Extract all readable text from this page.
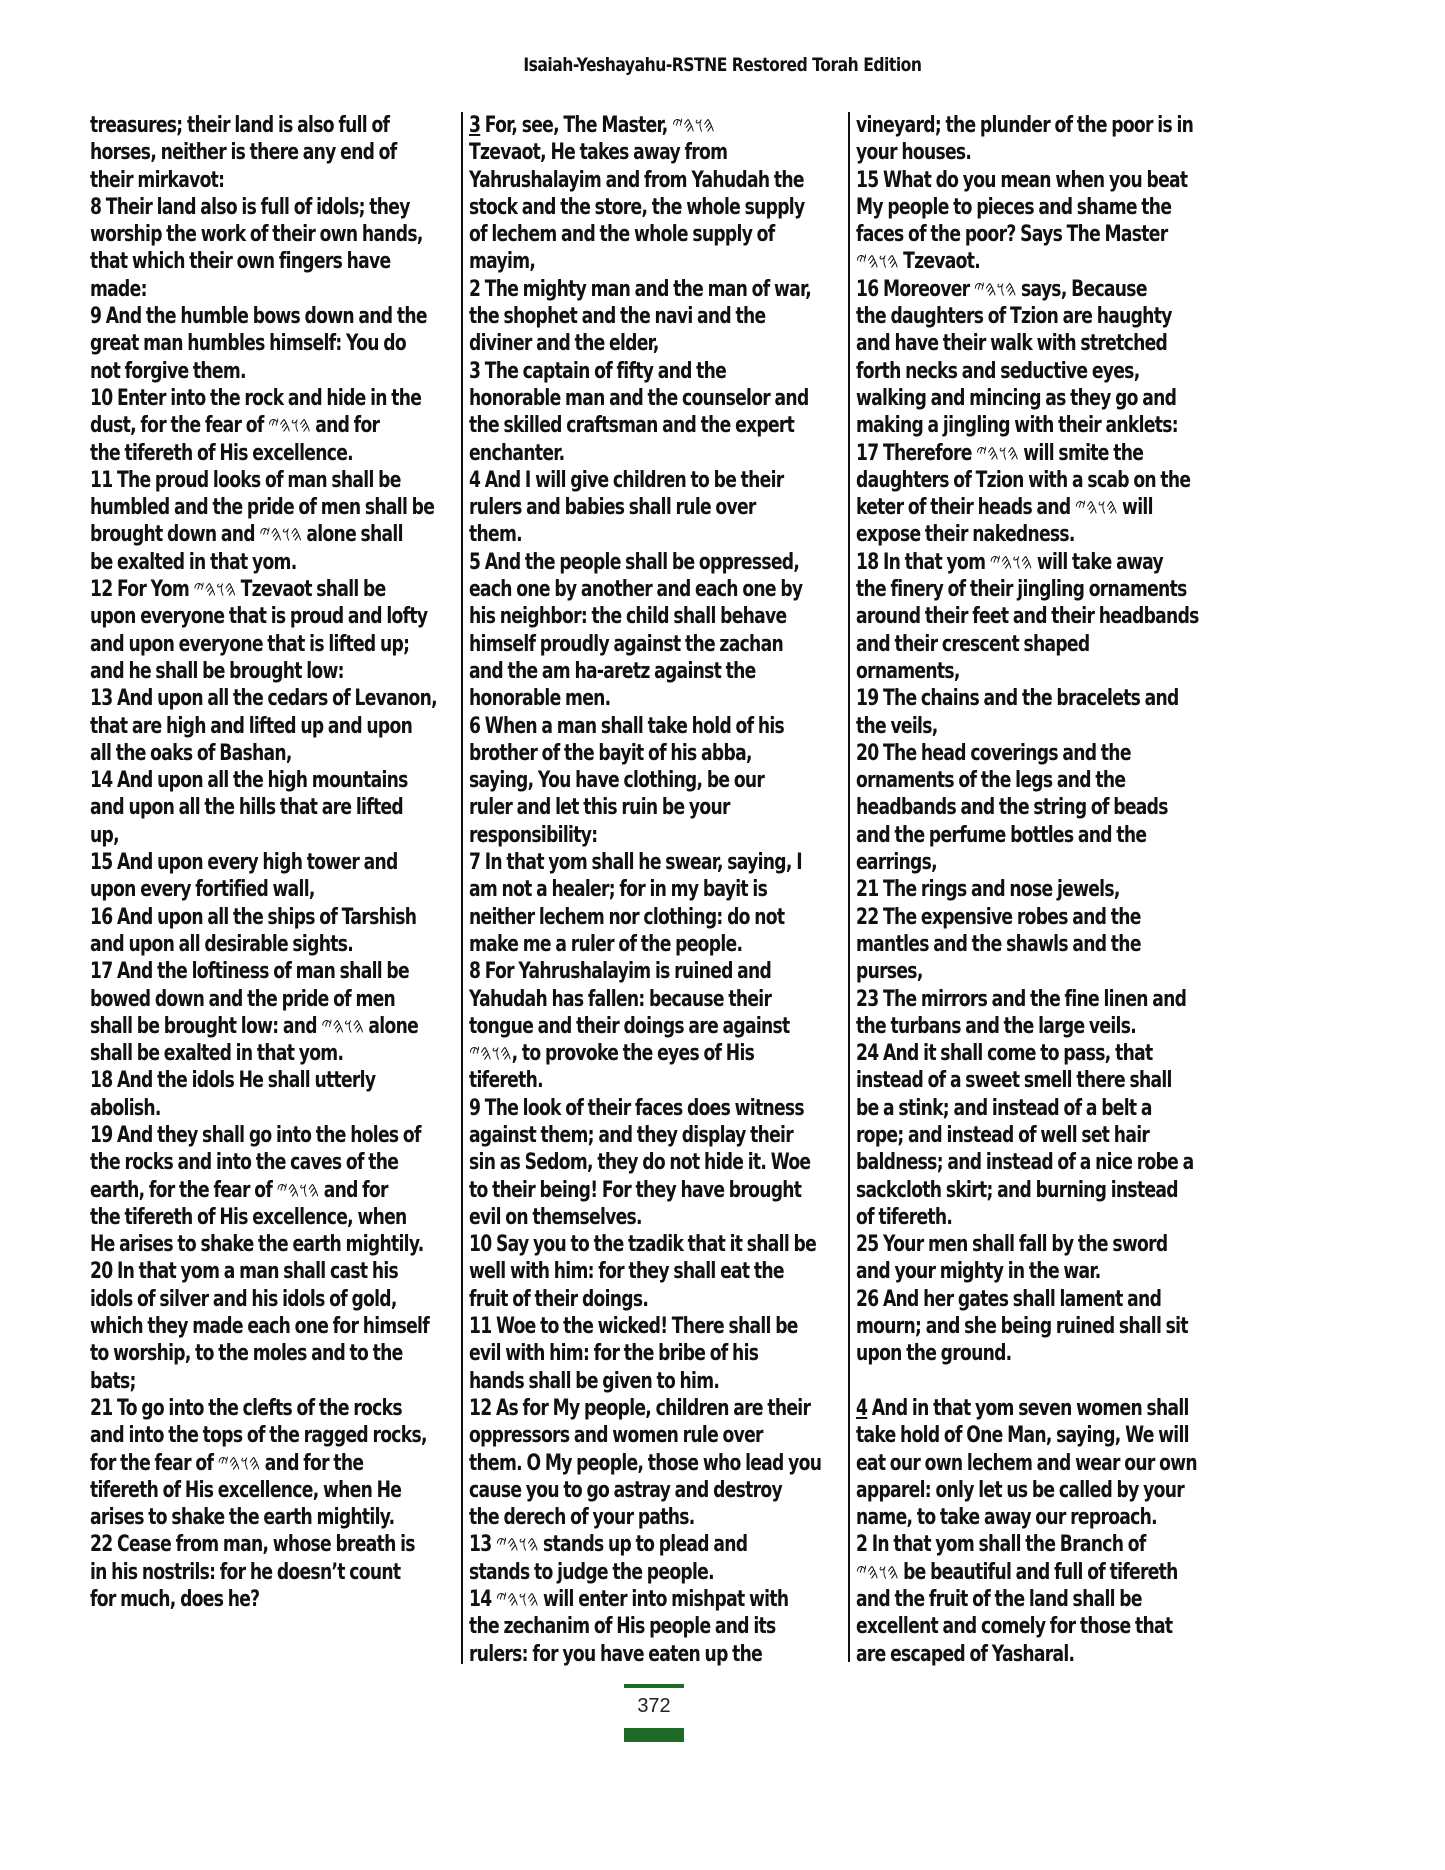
Isaiah-Yeshayahu-RSTNE Restored Torah Edition
treasures; their land is also full of
horses, neither is there any end of
their mirkavot:
8 Their land also is full of idols; they
worship the work of their own hands,
that which their own fingers have
made:
9 And the humble bows down and the
great man humbles himself: You do
not forgive them.
10 Enter into the rock and hide in the
dust, for the fear of 𐤄𐤅𐤄𐤉 and for
the tifereth of His excellence.
11 The proud looks of man shall be
humbled and the pride of men shall be
brought down and 𐤄𐤅𐤄𐤉 alone shall
be exalted in that yom.
12 For Yom 𐤄𐤅𐤄𐤉 Tzevaot shall be
upon everyone that is proud and lofty
and upon everyone that is lifted up;
and he shall be brought low:
13 And upon all the cedars of Levanon,
that are high and lifted up and upon
all the oaks of Bashan,
14 And upon all the high mountains
and upon all the hills that are lifted
up,
15 And upon every high tower and
upon every fortified wall,
16 And upon all the ships of Tarshish
and upon all desirable sights.
17 And the loftiness of man shall be
bowed down and the pride of men
shall be brought low: and 𐤄𐤅𐤄𐤉 alone
shall be exalted in that yom.
18 And the idols He shall utterly
abolish.
19 And they shall go into the holes of
the rocks and into the caves of the
earth, for the fear of 𐤄𐤅𐤄𐤉 and for
the tifereth of His excellence, when
He arises to shake the earth mightily.
20 In that yom a man shall cast his
idols of silver and his idols of gold,
which they made each one for himself
to worship, to the moles and to the
bats;
21 To go into the clefts of the rocks
and into the tops of the ragged rocks,
for the fear of 𐤄𐤅𐤄𐤉 and for the
tifereth of His excellence, when He
arises to shake the earth mightily.
22 Cease from man, whose breath is
in his nostrils: for he doesn’t count
for much, does he?
3 For, see, The Master, 𐤄𐤅𐤄𐤉
Tzevaot, He takes away from
Yahrushalayim and from Yahudah the
stock and the store, the whole supply
of lechem and the whole supply of
mayim,
2 The mighty man and the man of war,
the shophet and the navi and the
diviner and the elder,
3 The captain of fifty and the
honorable man and the counselor and
the skilled craftsman and the expert
enchanter.
4 And I will give children to be their
rulers and babies shall rule over
them.
5 And the people shall be oppressed,
each one by another and each one by
his neighbor: the child shall behave
himself proudly against the zachan
and the am ha-aretz against the
honorable men.
6 When a man shall take hold of his
brother of the bayit of his abba,
saying, You have clothing, be our
ruler and let this ruin be your
responsibility:
7 In that yom shall he swear, saying, I
am not a healer; for in my bayit is
neither lechem nor clothing: do not
make me a ruler of the people.
8 For Yahrushalayim is ruined and
Yahudah has fallen: because their
tongue and their doings are against
𐤄𐤅𐤄𐤉, to provoke the eyes of His
tifereth.
9 The look of their faces does witness
against them; and they display their
sin as Sedom, they do not hide it. Woe
to their being! For they have brought
evil on themselves.
10 Say you to the tzadik that it shall be
well with him: for they shall eat the
fruit of their doings.
11 Woe to the wicked! There shall be
evil with him: for the bribe of his
hands shall be given to him.
12 As for My people, children are their
oppressors and women rule over
them. O My people, those who lead you
cause you to go astray and destroy
the derech of your paths.
13 𐤄𐤅𐤄𐤉 stands up to plead and
stands to judge the people.
14 𐤄𐤅𐤄𐤉 will enter into mishpat with
the zechanim of His people and its
rulers: for you have eaten up the
vineyard; the plunder of the poor is in
your houses.
15 What do you mean when you beat
My people to pieces and shame the
faces of the poor? Says The Master
𐤄𐤅𐤄𐤉 Tzevaot.
16 Moreover 𐤄𐤅𐤄𐤉 says, Because
the daughters of Tzion are haughty
and have their walk with stretched
forth necks and seductive eyes,
walking and mincing as they go and
making a jingling with their anklets:
17 Therefore 𐤄𐤅𐤄𐤉 will smite the
daughters of Tzion with a scab on the
keter of their heads and 𐤄𐤅𐤄𐤉 will
expose their nakedness.
18 In that yom 𐤄𐤅𐤄𐤉 will take away
the finery of their jingling ornaments
around their feet and their headbands
and their crescent shaped
ornaments,
19 The chains and the bracelets and
the veils,
20 The head coverings and the
ornaments of the legs and the
headbands and the string of beads
and the perfume bottles and the
earrings,
21 The rings and nose jewels,
22 The expensive robes and the
mantles and the shawls and the
purses,
23 The mirrors and the fine linen and
the turbans and the large veils.
24 And it shall come to pass, that
instead of a sweet smell there shall
be a stink; and instead of a belt a
rope; and instead of well set hair
baldness; and instead of a nice robe a
sackcloth skirt; and burning instead
of tifereth.
25 Your men shall fall by the sword
and your mighty in the war.
26 And her gates shall lament and
mourn; and she being ruined shall sit
upon the ground.
4 And in that yom seven women shall
take hold of One Man, saying, We will
eat our own lechem and wear our own
apparel: only let us be called by your
name, to take away our reproach.
2 In that yom shall the Branch of
𐤄𐤅𐤄𐤉 be beautiful and full of tifereth
and the fruit of the land shall be
excellent and comely for those that
are escaped of Yasharal.
372
